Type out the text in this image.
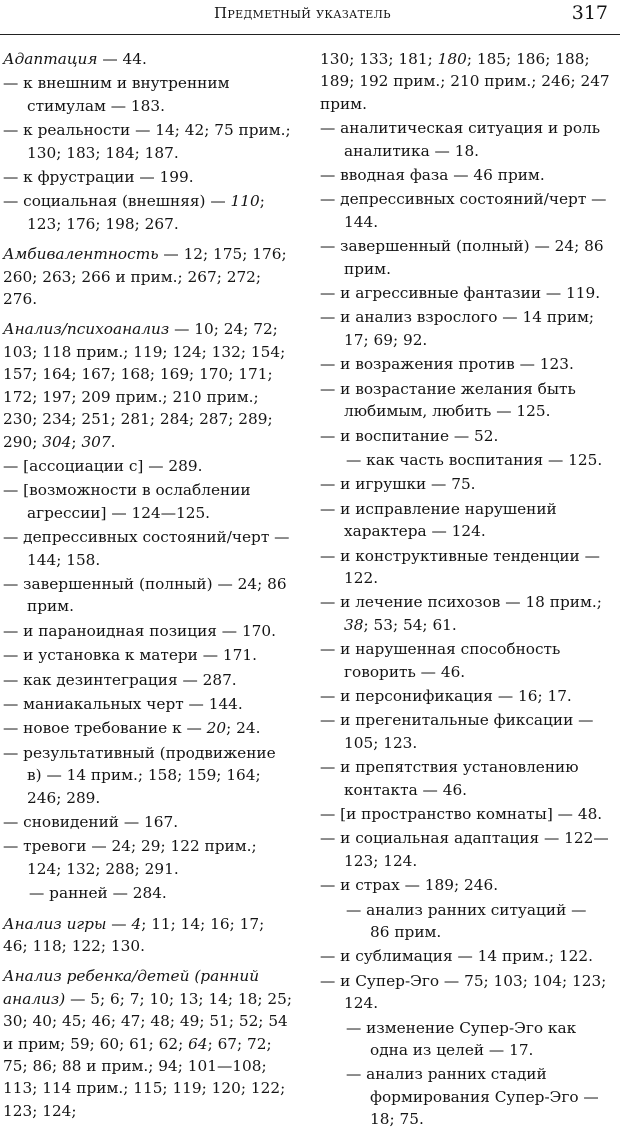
Предметный указатель	317
Адаптация — 44.
— к внешним и внутренним стимулам — 183.
— к реальности — 14; 42; 75 прим.; 130; 183; 184; 187.
— к фрустрации — 199.
— социальная (внешняя) — 110; 123; 176; 198; 267.
Амбивалентность — 12; 175; 176; 260; 263; 266 и прим.; 267; 272; 276.
Анализ/психоанализ — 10; 24; 72; 103; 118 прим.; 119; 124; 132; 154; 157; 164; 167; 168; 169; 170; 171; 172; 197; 209 прим.; 210 прим.; 230; 234; 251; 281; 284; 287; 289; 290; 304; 307.
— [ассоциации с] — 289.
— [возможности в ослаблении агрессии] — 124—125.
— депрессивных состояний/черт — 144; 158.
— завершенный (полный) — 24; 86 прим.
— и параноидная позиция — 170.
— и установка к матери — 171.
— как дезинтеграция — 287.
— маниакальных черт — 144.
— новое требование к — 20; 24.
— результативный (продвижение в) — 14 прим.; 158; 159; 164; 246; 289.
— сновидений — 167.
— тревоги — 24; 29; 122 прим.; 124; 132; 288; 291.
— ранней — 284.
Анализ игры — 4; 11; 14; 16; 17; 46; 118; 122; 130.
Анализ ребенка/детей (ранний анализ) — 5; 6; 7; 10; 13; 14; 18; 25; 30; 40; 45; 46; 47; 48; 49; 51; 52; 54 и прим; 59; 60; 61; 62; 64; 67; 72; 75; 86; 88 и прим.; 94; 101—108; 113; 114 прим.; 115; 119; 120; 122; 123; 124;
130; 133; 181; 180; 185; 186; 188; 189; 192 прим.; 210 прим.; 246; 247 прим.
— аналитическая ситуация и роль аналитика — 18.
— вводная фаза — 46 прим.
— депрессивных состояний/черт — 144.
— завершенный (полный) — 24; 86 прим.
— и агрессивные фантазии — 119.
— и анализ взрослого — 14 прим; 17; 69; 92.
— и возражения против — 123.
— и возрастание желания быть любимым, любить — 125.
— и воспитание — 52.
— как часть воспитания — 125.
— и игрушки — 75.
— и исправление нарушений характера — 124.
— и конструктивные тенденции — 122.
— и лечение психозов — 18 прим.; 38; 53; 54; 61.
— и нарушенная способность говорить — 46.
— и персонификация — 16; 17.
— и прегенитальные фиксации — 105; 123.
— и препятствия установлению контакта — 46.
— [и пространство комнаты] — 48.
— и социальная адаптация — 122—123; 124.
— и страх — 189; 246.
— анализ ранних ситуаций — 86 прим.
— и сублимация — 14 прим.; 122.
— и Супер-Эго — 75; 103; 104; 123; 124.
— изменение Супер-Эго как одна из целей — 17.
— анализ ранних стадий формирования Супер-Эго — 18; 75.
